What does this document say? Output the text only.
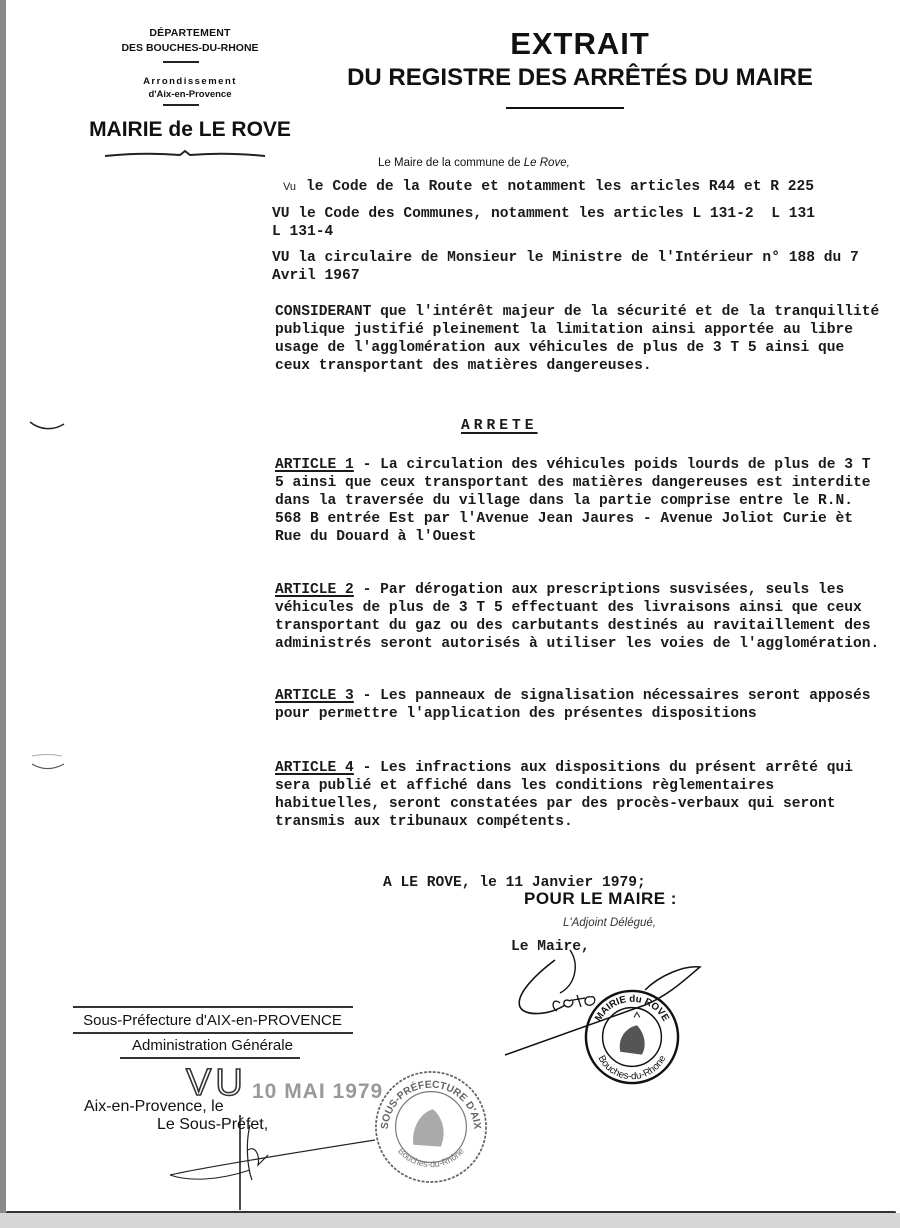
DÉPARTEMENT
DES BOUCHES-DU-RHONE
Arrondissement
d'Aix-en-Provence
MAIRIE de LE ROVE
EXTRAIT
DU REGISTRE DES ARRÊTÉS DU MAIRE
Le Maire de la commune de Le Rove,
Vu le Code de la Route et notamment les articles R44 et R 225
VU le Code des Communes, notamment les articles L 131-2  L 131
L 131-4
VU la circulaire de Monsieur le Ministre de l'Intérieur n° 188 du 7 Avril 1967
CONSIDERANT que l'intérêt majeur de la sécurité et de la tranquillité publique justifié pleinement la limitation ainsi apportée au libre usage de l'agglomération aux véhicules de plus de 3 T 5 ainsi que ceux transportant des matières dangereuses.
ARRETE
ARTICLE 1 - La circulation des véhicules poids lourds de plus de 3 T 5 ainsi que ceux transportant des matières dangereuses est interdite dans la traversée du village dans la partie comprise entre le R.N. 568 B entrée Est par l'Avenue Jean Jaures - Avenue Joliot Curie èt Rue du Douard à l'Ouest
ARTICLE 2 - Par dérogation aux prescriptions susvisées, seuls les véhicules de plus de 3 T 5 effectuant des livraisons ainsi que ceux transportant du gaz ou des carbutants destinés au ravitaillement des administrés seront autorisés à utiliser les voies de l'agglomération.
ARTICLE 3 - Les panneaux de signalisation nécessaires seront apposés pour permettre l'application des présentes dispositions
ARTICLE 4 - Les infractions aux dispositions du présent arrêté qui sera publié et affiché dans les conditions règlementaires habituelles, seront constatées par des procès-verbaux qui seront transmis aux tribunaux compétents.
A LE ROVE, le 11 Janvier 1979;
POUR LE MAIRE :
L'Adjoint Délégué,
Le Maire,
MAIRIE du ROVE
Bouches-du-Rhone
Sous-Préfecture d'AIX-en-PROVENCE
Administration Générale
VU 10 MAI 1979
Aix-en-Provence, le
Le Sous-Préfet,	SOUS-PRÉFECTURE D'AIX
Bouches-du-Rhône
